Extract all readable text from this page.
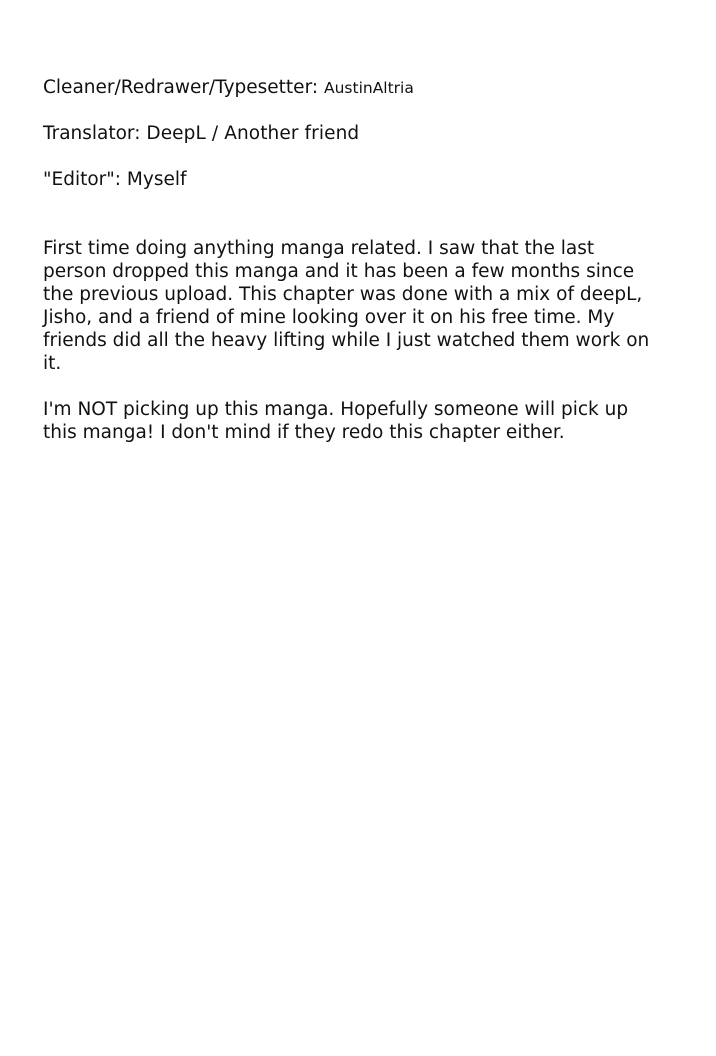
Cleaner/Redrawer/Typesetter: AustinAltria
Translator: DeepL / Another friend
"Editor": Myself
First time doing anything manga related. I saw that the last
person dropped this manga and it has been a few months since
the previous upload. This chapter was done with a mix of deepL,
Jisho, and a friend of mine looking over it on his free time. My
friends did all the heavy lifting while I just watched them work on
it.
I'm NOT picking up this manga. Hopefully someone will pick up
this manga! I don't mind if they redo this chapter either.
